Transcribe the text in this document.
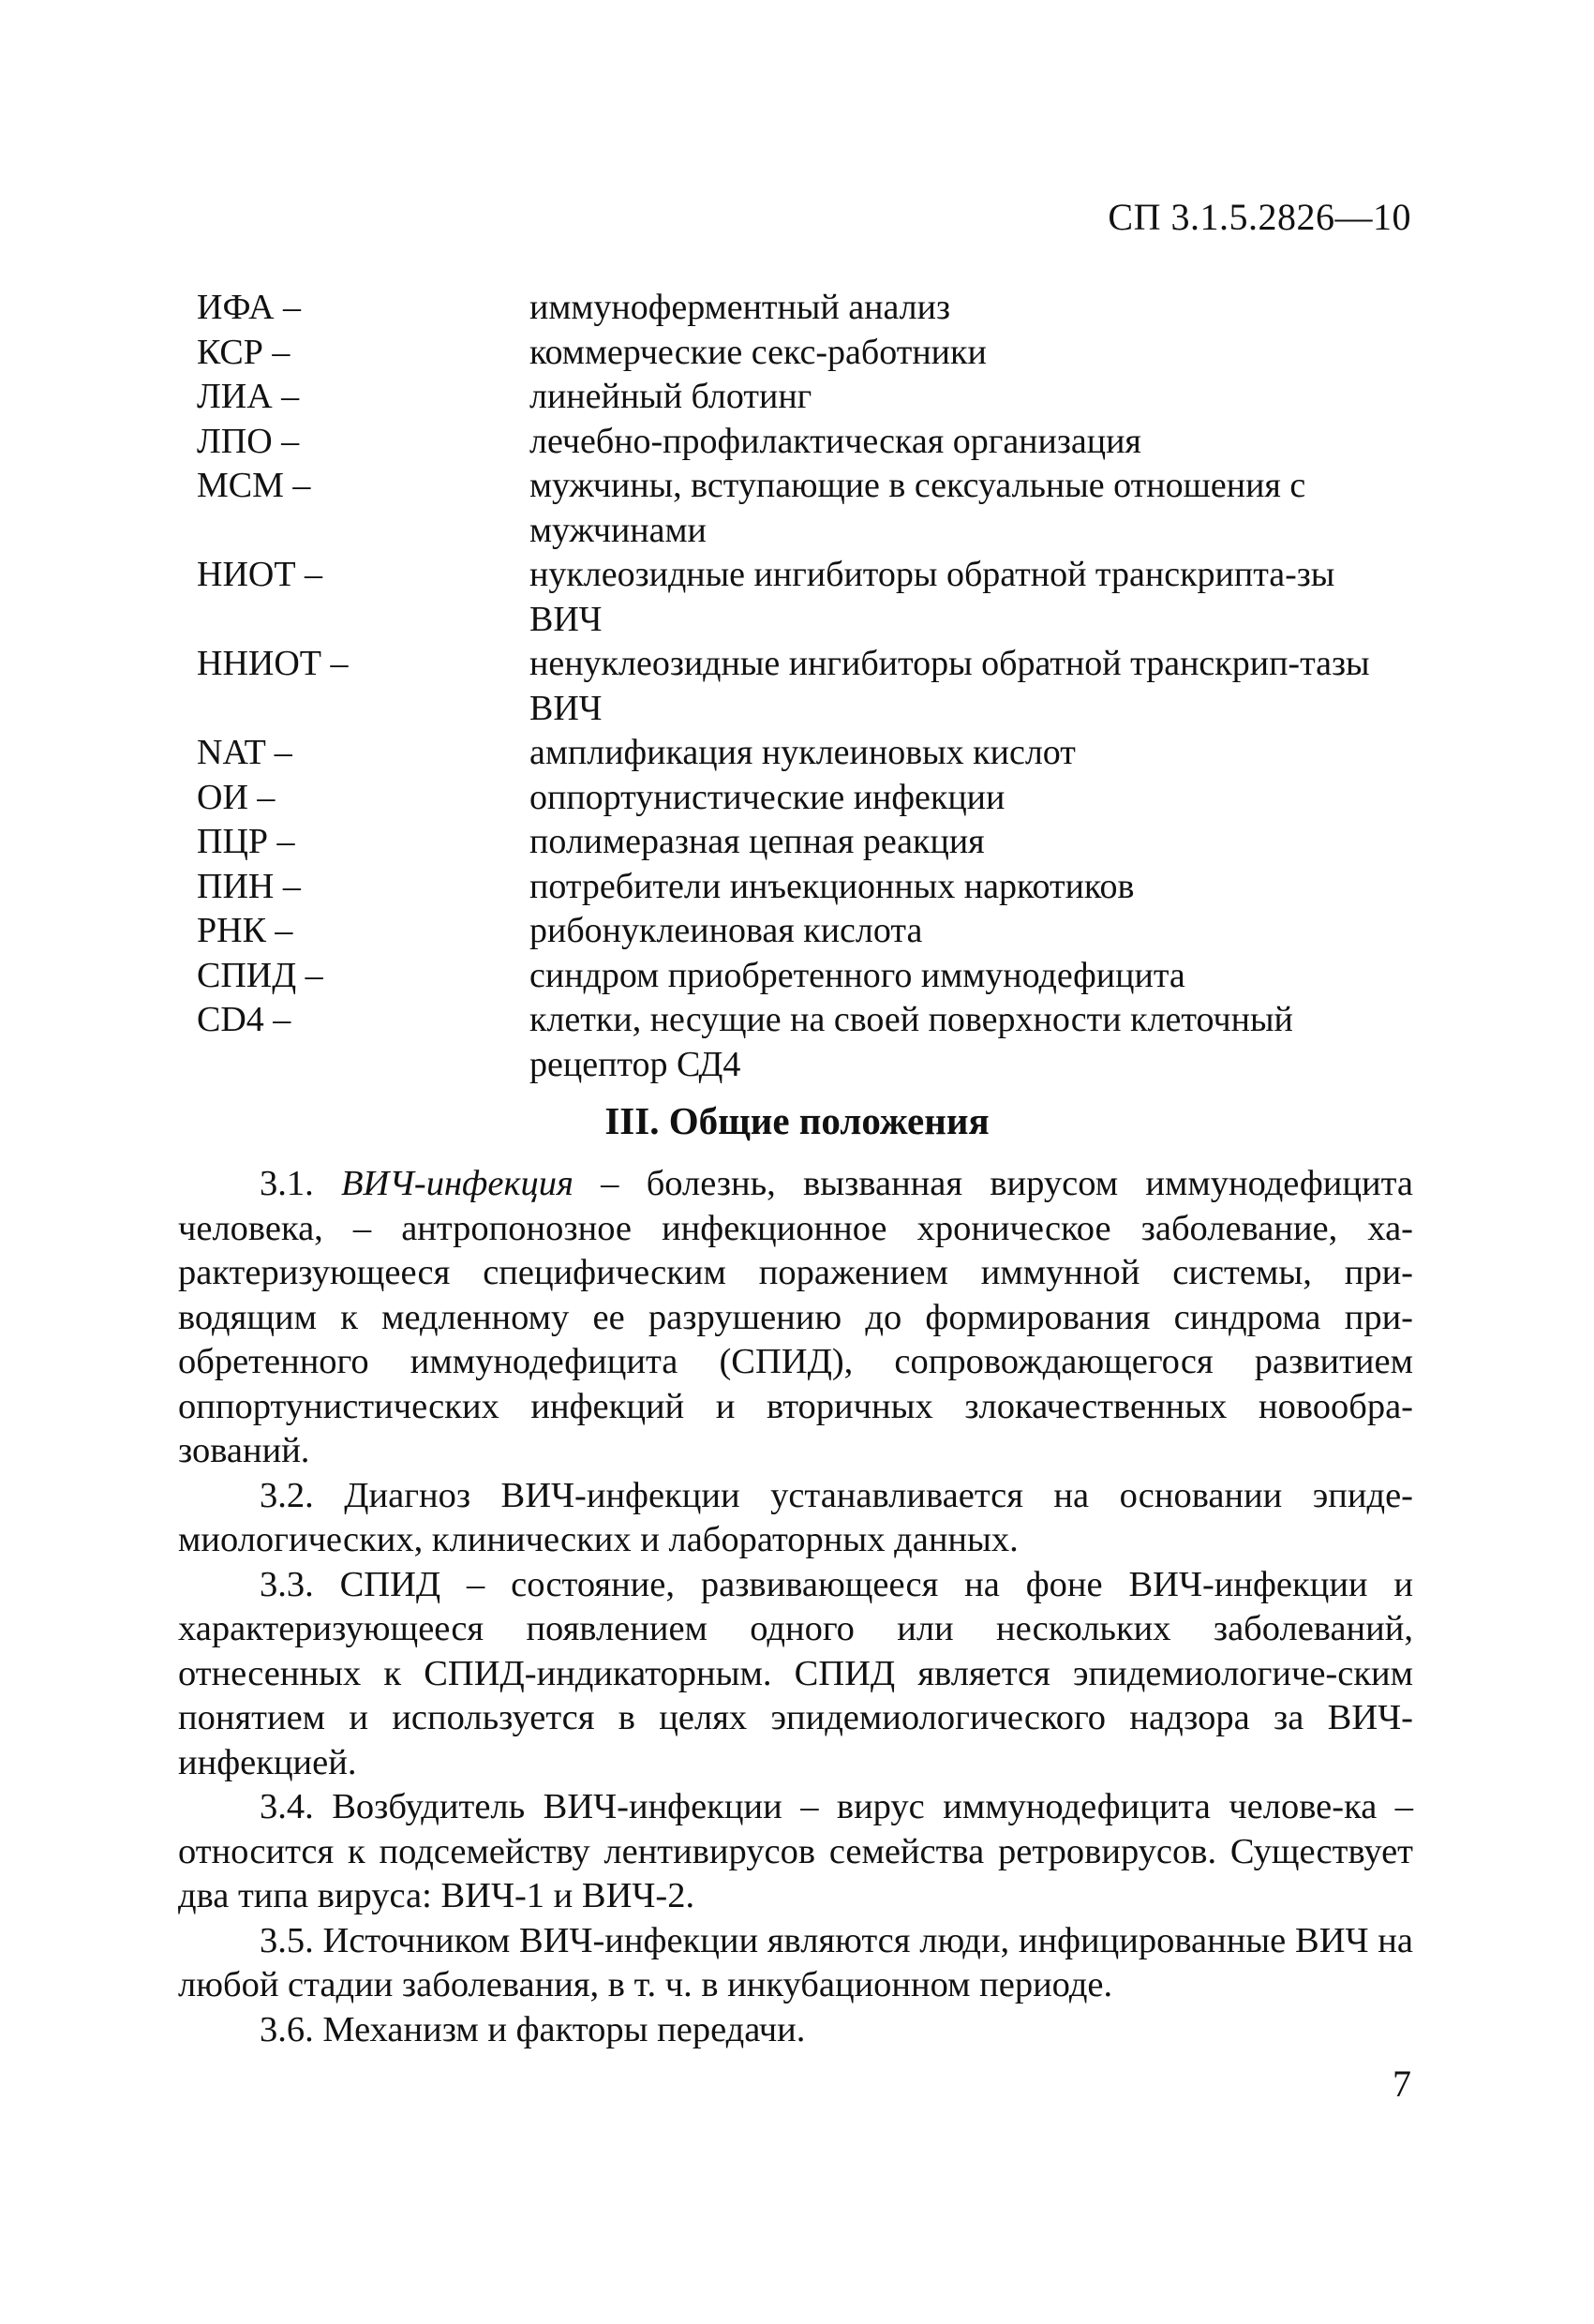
СП 3.1.5.2826—10
ИФА –	иммуноферментный анализ
КСР –	коммерческие секс-работники
ЛИА –	линейный блотинг
ЛПО –	лечебно-профилактическая организация
МСМ –	мужчины, вступающие в сексуальные отношения с мужчинами
НИОТ –	нуклеозидные ингибиторы обратной транскрипта-зы ВИЧ
ННИОТ –	ненуклеозидные ингибиторы обратной транскрип-тазы ВИЧ
NAT –	амплификация нуклеиновых кислот
ОИ –	оппортунистические инфекции
ПЦР –	полимеразная цепная реакция
ПИН –	потребители инъекционных наркотиков
РНК –	рибонуклеиновая кислота
СПИД –	синдром приобретенного иммунодефицита
CD4 –	клетки, несущие на своей поверхности клеточный рецептор СД4
III. Общие положения

3.1. ВИЧ-инфекция – болезнь, вызванная вирусом иммунодефицита человека, – антропонозное инфекционное хроническое заболевание, ха-рактеризующееся специфическим поражением иммунной системы, при-водящим к медленному ее разрушению до формирования синдрома при-обретенного иммунодефицита (СПИД), сопровождающегося развитием оппортунистических инфекций и вторичных злокачественных новообра-зований.

3.2. Диагноз ВИЧ-инфекции устанавливается на основании эпиде-миологических, клинических и лабораторных данных.

3.3. СПИД – состояние, развивающееся на фоне ВИЧ-инфекции и характеризующееся появлением одного или нескольких заболеваний, отнесенных к СПИД-индикаторным. СПИД является эпидемиологиче-ским понятием и используется в целях эпидемиологического надзора за ВИЧ-инфекцией.

3.4. Возбудитель ВИЧ-инфекции – вирус иммунодефицита челове-ка – относится к подсемейству лентивирусов семейства ретровирусов. Существует два типа вируса: ВИЧ-1 и ВИЧ-2.

3.5. Источником ВИЧ-инфекции являются люди, инфицированные ВИЧ на любой стадии заболевания, в т. ч. в инкубационном периоде.

3.6. Механизм и факторы передачи.

7
